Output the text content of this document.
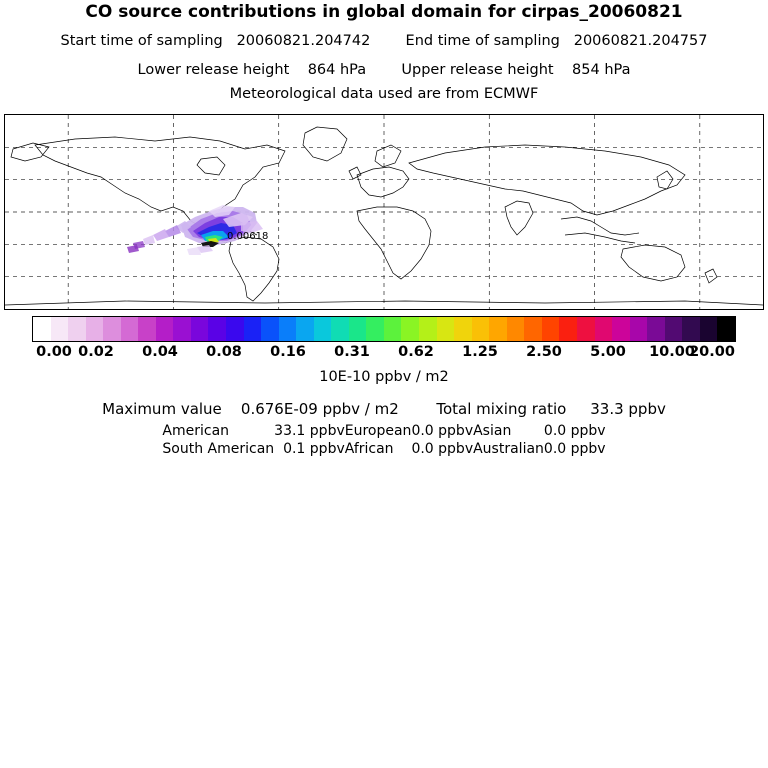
CO source contributions in global domain for cirpas_20060821
Start time of sampling 20060821.204742 End time of sampling 20060821.204757
Lower release height 864 hPa Upper release height 854 hPa
Meteorological data used are from ECMWF
0.00618
0.00 0.02 0.04 0.08 0.16 0.31 0.62 1.25 2.50 5.00 10.00
20.00
10E-10 ppbv / m2
Maximum value 0.676E-09 ppbv / m2	Total mixing ratio 33.3 ppbv
American	33.1 ppbv	European	0.0 ppbv	Asian	0.0 ppbv
South American	0.1 ppbv	African	0.0 ppbv	Australian	0.0 ppbv
